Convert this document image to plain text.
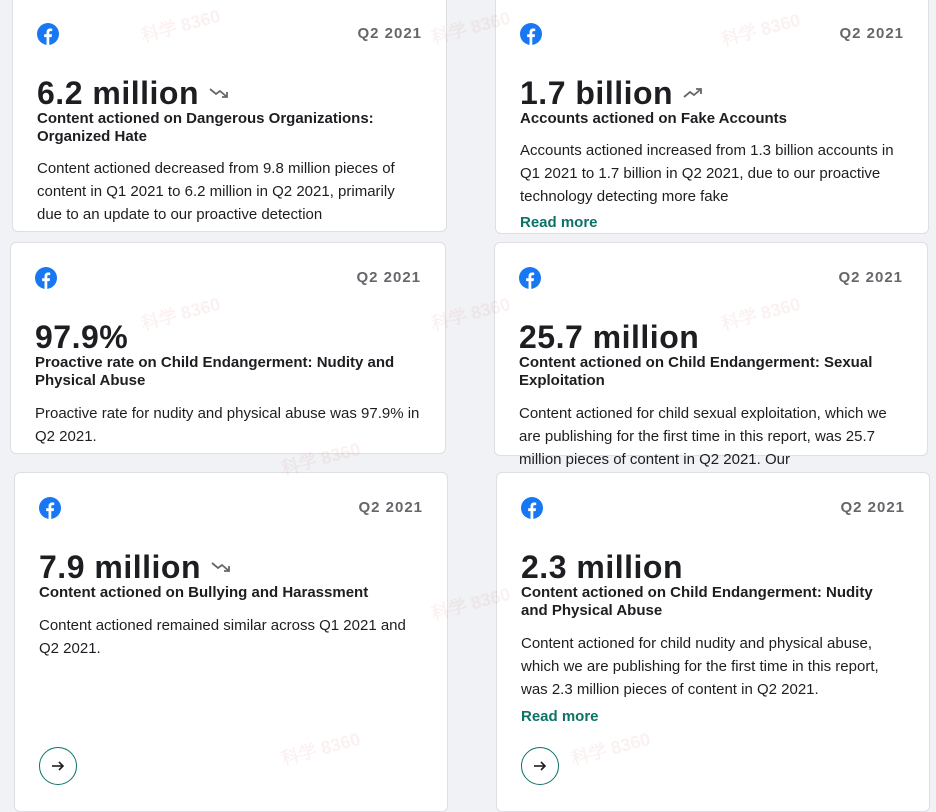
Q2 2021
6.2 million
Content actioned on Dangerous Organizations: Organized Hate
Content actioned decreased from 9.8 million pieces of content in Q1 2021 to 6.2 million in Q2 2021, primarily due to an update to our proactive detection
Q2 2021
1.7 billion
Accounts actioned on Fake Accounts
Accounts actioned increased from 1.3 billion accounts in Q1 2021 to 1.7 billion in Q2 2021, due to our proactive technology detecting more fake
Read more
Q2 2021
97.9%
Proactive rate on Child Endangerment: Nudity and Physical Abuse
Proactive rate for nudity and physical abuse was 97.9% in Q2 2021.
Q2 2021
25.7 million
Content actioned on Child Endangerment: Sexual Exploitation
Content actioned for child sexual exploitation, which we are publishing for the first time in this report, was 25.7 million pieces of content in Q2 2021. Our
Q2 2021
7.9 million
Content actioned on Bullying and Harassment
Content actioned remained similar across Q1 2021 and Q2 2021.
Q2 2021
2.3 million
Content actioned on Child Endangerment: Nudity and Physical Abuse
Content actioned for child nudity and physical abuse, which we are publishing for the first time in this report, was 2.3 million pieces of content in Q2 2021.
Read more
科学 8360
科学 8360
科学 8360
科学 8360
